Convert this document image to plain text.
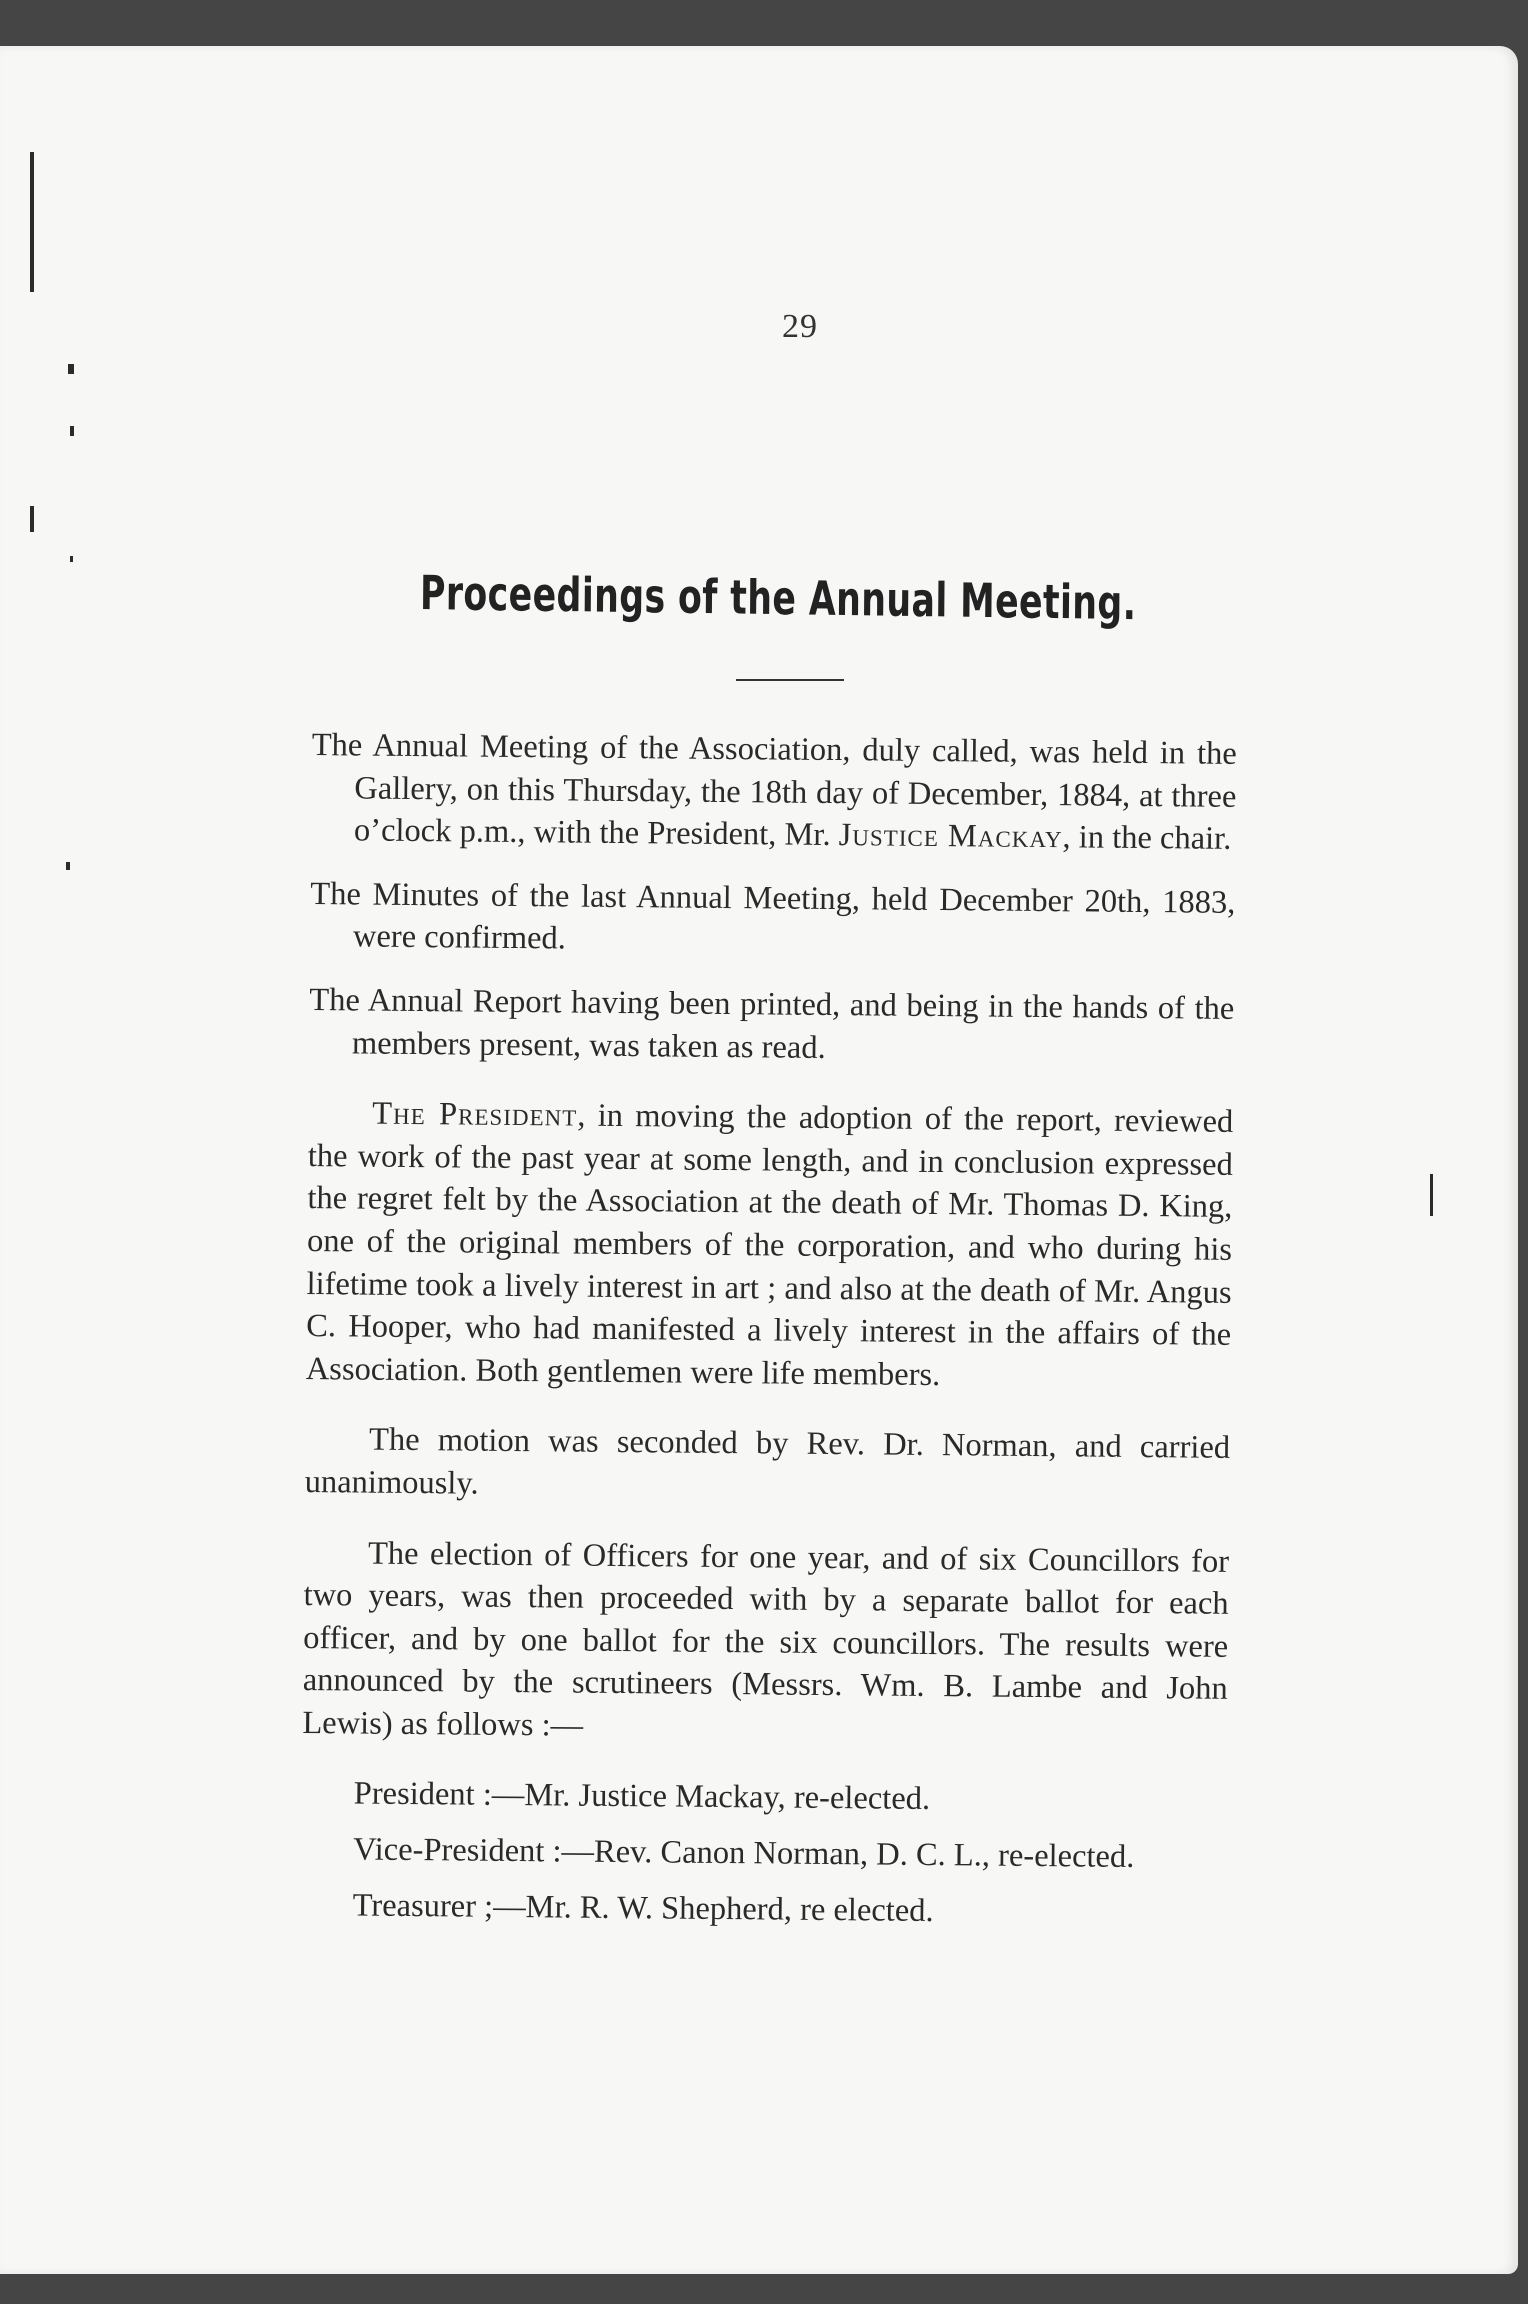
29
Proceedings of the Annual Meeting.

The Annual Meeting of the Association, duly called, was held in the Gallery, on this Thursday, the 18th day of December, 1884, at three o’clock p.m., with the President, Mr. Justice Mackay, in the chair.

The Minutes of the last Annual Meeting, held December 20th, 1883, were confirmed.

The Annual Report having been printed, and being in the hands of the members present, was taken as read.

The President, in moving the adoption of the report, reviewed the work of the past year at some length, and in conclusion expressed the regret felt by the Association at the death of Mr. Thomas D. King, one of the original members of the corporation, and who during his lifetime took a lively interest in art ; and also at the death of Mr. Angus C. Hooper, who had manifested a lively interest in the affairs of the Association. Both gentlemen were life members.

The motion was seconded by Rev. Dr. Norman, and carried unanimously.

The election of Officers for one year, and of six Councillors for two years, was then proceeded with by a separate ballot for each officer, and by one ballot for the six councillors. The results were announced by the scrutineers (Messrs. Wm. B. Lambe and John Lewis) as follows :—

President :—Mr. Justice Mackay, re-elected.

Vice-President :—Rev. Canon Norman, D. C. L., re-elected.

Treasurer ;—Mr. R. W. Shepherd, re elected.
